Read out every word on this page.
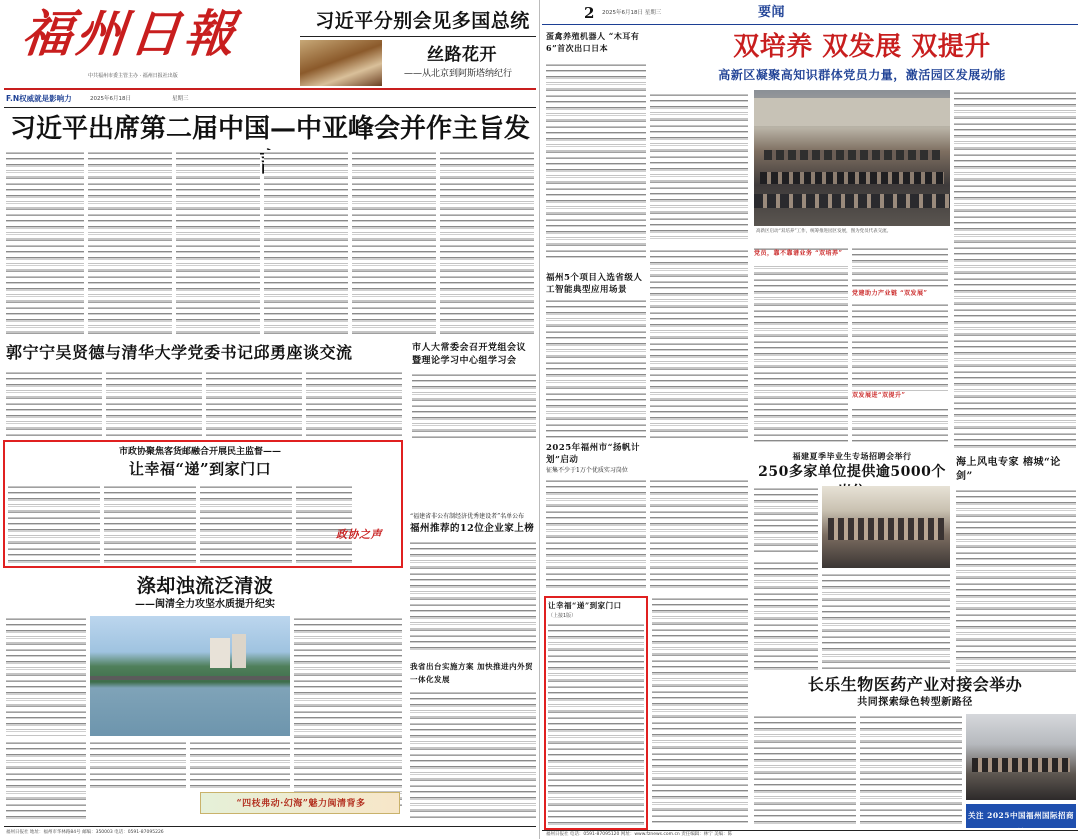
福州日報	习近平分别会见多国总统
丝路花开
——从北京到阿斯塔纳纪行
中共福州市委主管主办 · 福州日报社出版
F.N权威就是影响力	2025年6月18日	星期三
习近平出席第二届中国—中亚峰会并作主旨发
郭宁宁吴贤德与清华大学党委书记邱勇座谈交流	市人大常委会召开党组会议 暨理论学习中心组学习会
市政协聚焦客货邮融合开展民主监督——
让幸福“递”到家门口
政协之声
“福建省非公有制经济优秀建设者”名单公布
福州推荐的12位企业家上榜
涤却浊流泛清波
——闽清全力攻坚水质提升纪实
我省出台实施方案 加快推进内外贸一体化发展
“四枝弗动·幻海”魅力闽清背多
福州日报社 地址：福州市华林路84号 邮编：350003 电话：0591-87095226
2	2025年6月18日 星期三	要闻
双培养 双发展 双提升
高新区凝聚高知识群体党员力量，激活园区发展动能
蛋禽养殖机器人 “木耳有6”首次出口日本
福州5个项目入选省级人工智能典型应用场景
2025年福州市“扬帆计划”启动
征集不少于1万个优质实习岗位
让幸福“递”到家门口
（上接1版）
高新区启动“双培养”工作，统筹推进园区发展，图为党员代表交流。
党员，靠不靠谱业务 “双培养”
党建助力产业链 “双发展”
双发展进“双提升”
福建夏季毕业生专场招聘会举行
250多家单位提供逾5000个
海上风电专家 榕城“论剑”
长乐生物医药产业对接会举办
共同探索绿色转型新路径
关注 2025中国福州国际招商月
福州日报社 电话：0591-87095120 网址：www.fznews.com.cn 责任编辑：林宁 美编：陈
